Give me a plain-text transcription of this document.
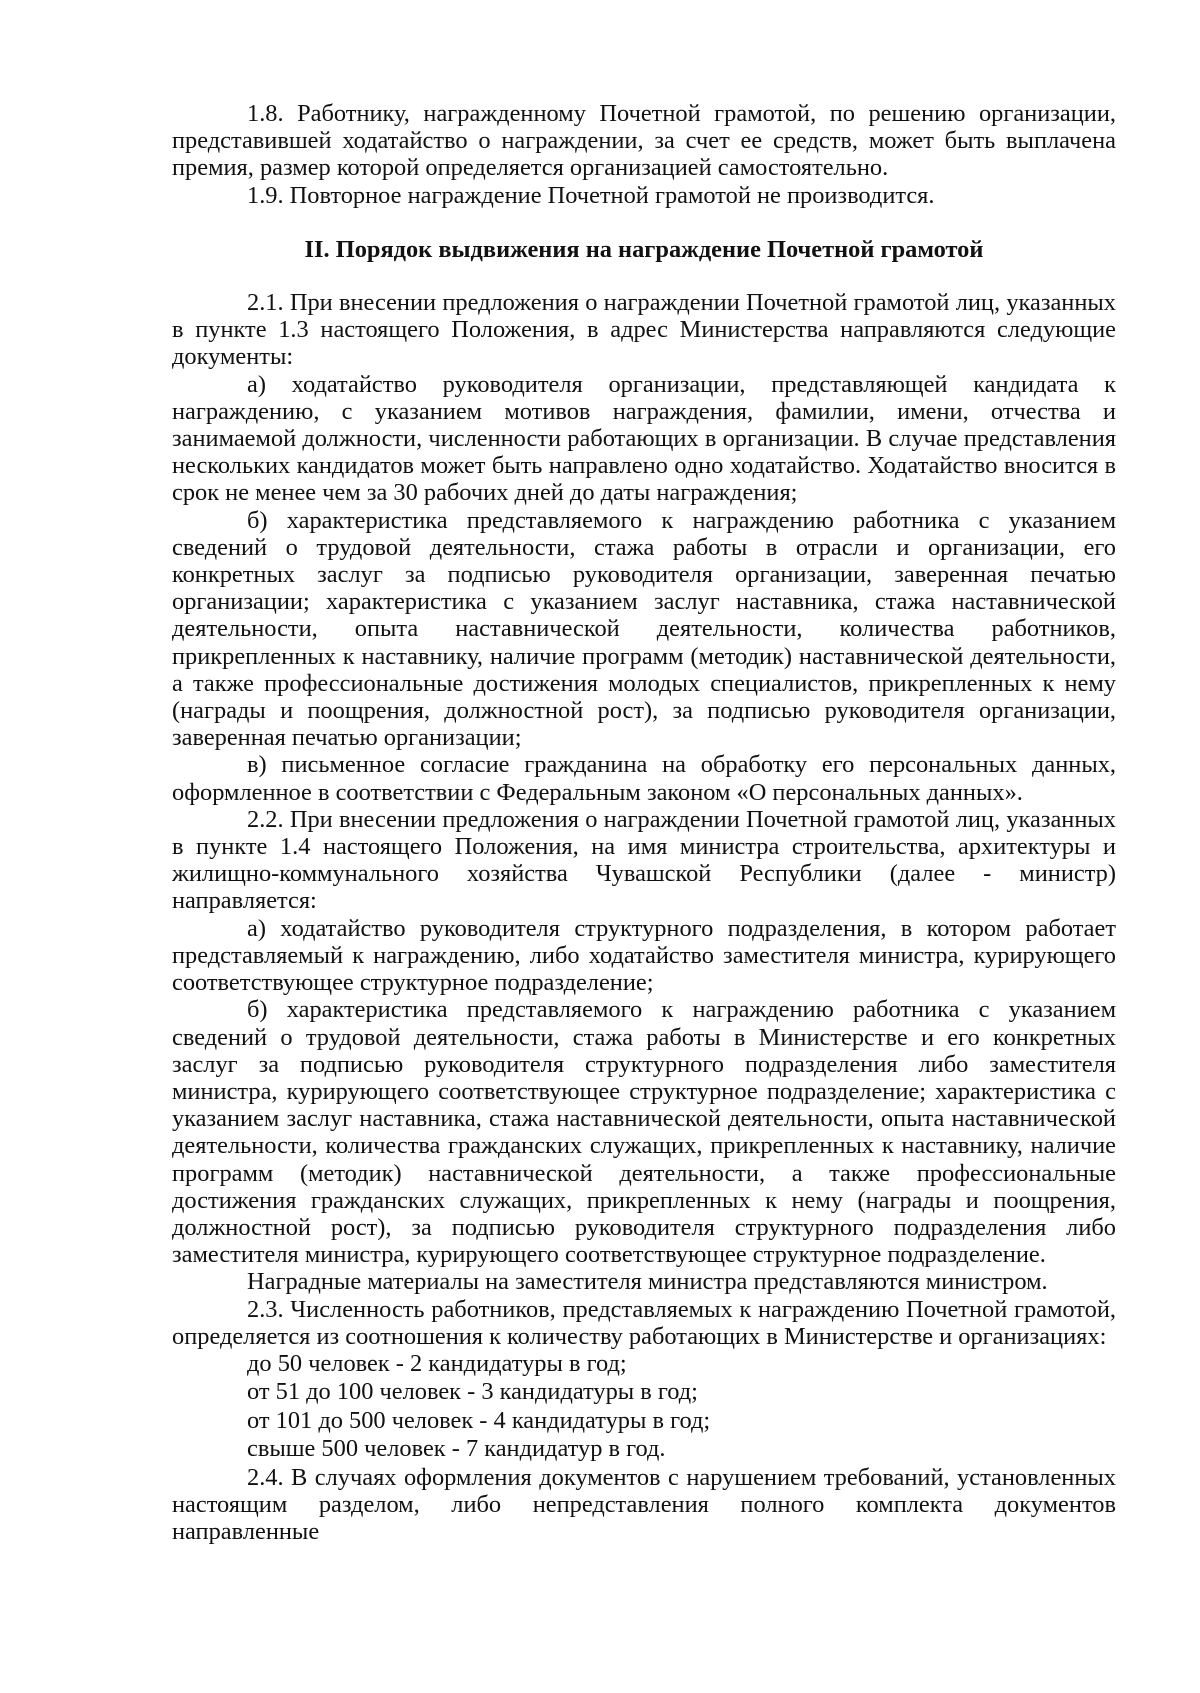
1.8. Работнику, награжденному Почетной грамотой, по решению организации, представившей ходатайство о награждении, за счет ее средств, может быть выплачена премия, размер которой определяется организацией самостоятельно.

1.9. Повторное награждение Почетной грамотой не производится.

II. Порядок выдвижения на награждение Почетной грамотой

2.1. При внесении предложения о награждении Почетной грамотой лиц, указанных в пункте 1.3 настоящего Положения, в адрес Министерства направляются следующие документы:

а) ходатайство руководителя организации, представляющей кандидата к награждению, с указанием мотивов награждения, фамилии, имени, отчества и занимаемой должности, численности работающих в организации. В случае представления нескольких кандидатов может быть направлено одно ходатайство. Ходатайство вносится в срок не менее чем за 30 рабочих дней до даты награждения;

б) характеристика представляемого к награждению работника с указанием сведений о трудовой деятельности, стажа работы в отрасли и организации, его конкретных заслуг за подписью руководителя организации, заверенная печатью организации; характеристика с указанием заслуг наставника, стажа наставнической деятельности, опыта наставнической деятельности, количества работников, прикрепленных к наставнику, наличие программ (методик) наставнической деятельности, а также профессиональные достижения молодых специалистов, прикрепленных к нему (награды и поощрения, должностной рост), за подписью руководителя организации, заверенная печатью организации;

в) письменное согласие гражданина на обработку его персональных данных, оформленное в соответствии с Федеральным законом «О персональных данных».

2.2. При внесении предложения о награждении Почетной грамотой лиц, указанных в пункте 1.4 настоящего Положения, на имя министра строительства, архитектуры и жилищно-коммунального хозяйства Чувашской Республики (далее - министр) направляется:

а) ходатайство руководителя структурного подразделения, в котором работает представляемый к награждению, либо ходатайство заместителя министра, курирующего соответствующее структурное подразделение;

б) характеристика представляемого к награждению работника с указанием сведений о трудовой деятельности, стажа работы в Министерстве и его конкретных заслуг за подписью руководителя структурного подразделения либо заместителя министра, курирующего соответствующее структурное подразделение; характеристика с указанием заслуг наставника, стажа наставнической деятельности, опыта наставнической деятельности, количества гражданских служащих, прикрепленных к наставнику, наличие программ (методик) наставнической деятельности, а также профессиональные достижения гражданских служащих, прикрепленных к нему (награды и поощрения, должностной рост), за подписью руководителя структурного подразделения либо заместителя министра, курирующего соответствующее структурное подразделение.

Наградные материалы на заместителя министра представляются министром.

2.3. Численность работников, представляемых к награждению Почетной грамотой, определяется из соотношения к количеству работающих в Министерстве и организациях:

до 50 человек - 2 кандидатуры в год;

от 51 до 100 человек - 3 кандидатуры в год;

от 101 до 500 человек - 4 кандидатуры в год;

свыше 500 человек - 7 кандидатур в год.

2.4. В случаях оформления документов с нарушением требований, установленных настоящим разделом, либо непредставления полного комплекта документов направленные
